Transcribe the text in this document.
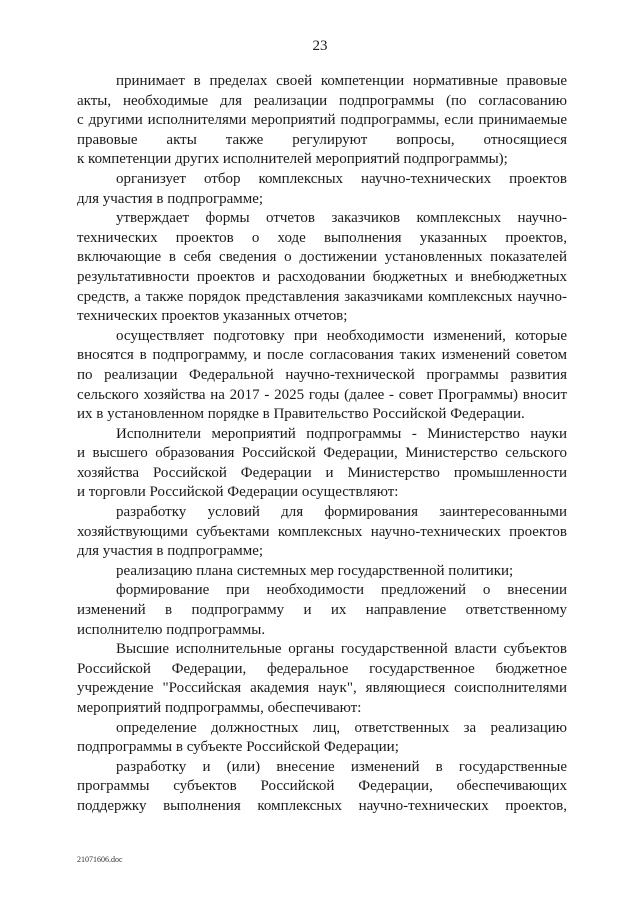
23
принимает в пределах своей компетенции нормативные правовые
акты, необходимые для реализации подпрограммы (по согласованию
с другими исполнителями мероприятий подпрограммы, если принимаемые
правовые акты также регулируют вопросы, относящиеся
к компетенции других исполнителей мероприятий подпрограммы);
организует отбор комплексных научно-технических проектов
для участия в подпрограмме;
утверждает формы отчетов заказчиков комплексных научно-
технических проектов о ходе выполнения указанных проектов,
включающие в себя сведения о достижении установленных показателей
результативности проектов и расходовании бюджетных и внебюджетных
средств, а также порядок представления заказчиками комплексных научно-
технических проектов указанных отчетов;
осуществляет подготовку при необходимости изменений, которые
вносятся в подпрограмму, и после согласования таких изменений советом
по реализации Федеральной научно-технической программы развития
сельского хозяйства на 2017 - 2025 годы (далее - совет Программы) вносит
их в установленном порядке в Правительство Российской Федерации.
Исполнители мероприятий подпрограммы - Министерство науки
и высшего образования Российской Федерации, Министерство сельского
хозяйства Российской Федерации и Министерство промышленности
и торговли Российской Федерации осуществляют:
разработку условий для формирования заинтересованными
хозяйствующими субъектами комплексных научно-технических проектов
для участия в подпрограмме;
реализацию плана системных мер государственной политики;
формирование при необходимости предложений о внесении
изменений в подпрограмму и их направление ответственному
исполнителю подпрограммы.
Высшие исполнительные органы государственной власти субъектов
Российской Федерации, федеральное государственное бюджетное
учреждение "Российская академия наук", являющиеся соисполнителями
мероприятий подпрограммы, обеспечивают:
определение должностных лиц, ответственных за реализацию
подпрограммы в субъекте Российской Федерации;
разработку и (или) внесение изменений в государственные
программы субъектов Российской Федерации, обеспечивающих
поддержку выполнения комплексных научно-технических проектов,
21071606.doc
